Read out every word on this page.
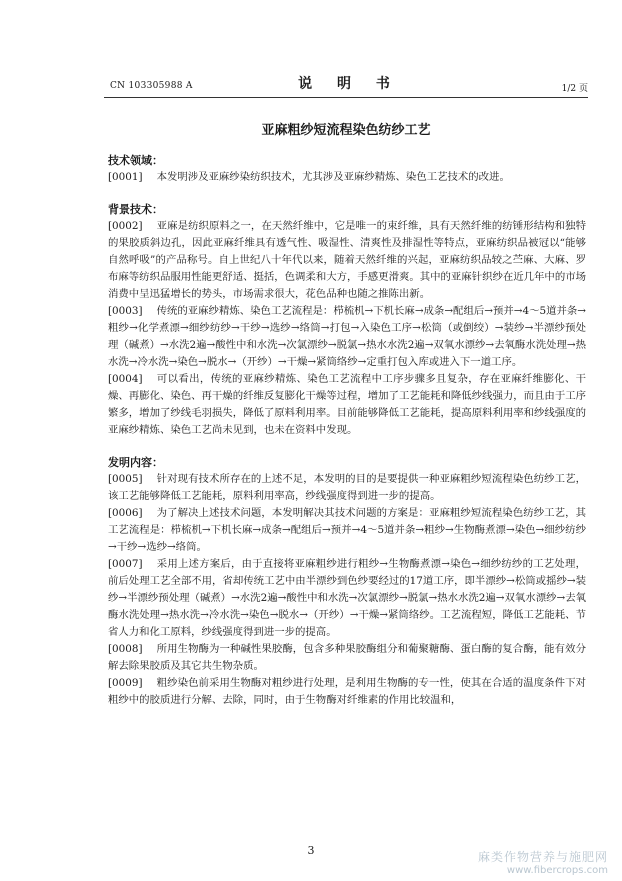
CN 103305988 A	说 明 书	1/2 页
亚麻粗纱短流程染色纺纱工艺
技术领域：
[0001] 本发明涉及亚麻纱染纺织技术，尤其涉及亚麻纱精炼、染色工艺技术的改进。
背景技术：
[0002] 亚麻是纺织原料之一，在天然纤维中，它是唯一的束纤维，具有天然纤维的纺锤形结构和独特的果胶质斜边孔，因此亚麻纤维具有透气性、吸湿性、清爽性及排湿性等特点，亚麻纺织品被冠以“能够自然呼吸”的产品称号。自上世纪八十年代以来，随着天然纤维的兴起，亚麻纺织品较之苎麻、大麻、罗布麻等纺织品服用性能更舒适、挺括，色调柔和大方，手感更滑爽。其中的亚麻针织纱在近几年中的市场消费中呈迅猛增长的势头，市场需求很大，花色品种也随之推陈出新。
[0003] 传统的亚麻纱精炼、染色工艺流程是：栉梳机→下机长麻→成条→配组后→预并→4～5道并条→粗纱→化学煮漂→细纱纺纱→干纱→选纱→络筒→打包→入染色工序→松筒（或倒绞）→装纱→半漂纱预处理（碱煮）→水洗2遍→酸性中和水洗→次氯漂纱→脱氯→热水水洗2遍→双氧水漂纱→去氧酶水洗处理→热水洗→冷水洗→染色→脱水→（开纱）→干燥→紧筒络纱→定重打包入库或进入下一道工序。
[0004] 可以看出，传统的亚麻纱精炼、染色工艺流程中工序步骤多且复杂，存在亚麻纤维膨化、干燥、再膨化、染色、再干燥的纤维反复膨化干燥等过程，增加了工艺能耗和降低纱线强力，而且由于工序繁多，增加了纱线毛羽损失，降低了原料利用率。目前能够降低工艺能耗，提高原料利用率和纱线强度的亚麻纱精炼、染色工艺尚未见到，也未在资料中发现。
发明内容：
[0005] 针对现有技术所存在的上述不足，本发明的目的是要提供一种亚麻粗纱短流程染色纺纱工艺，该工艺能够降低工艺能耗，原料利用率高，纱线强度得到进一步的提高。
[0006] 为了解决上述技术问题，本发明解决其技术问题的方案是：亚麻粗纱短流程染色纺纱工艺，其工艺流程是：栉梳机→下机长麻→成条→配组后→预并→4～5道并条→粗纱→生物酶煮漂→染色→细纱纺纱→干纱→选纱→络筒。
[0007] 采用上述方案后，由于直接将亚麻粗纱进行粗纱→生物酶煮漂→染色→细纱纺纱的工艺处理，前后处理工艺全部不用，省却传统工艺中由半漂纱到色纱要经过的17道工序，即半漂纱→松筒或摇纱→装纱→半漂纱预处理（碱煮）→水洗2遍→酸性中和水洗→次氯漂纱→脱氯→热水水洗2遍→双氧水漂纱→去氧酶水洗处理→热水洗→冷水洗→染色→脱水→（开纱）→干燥→紧筒络纱。工艺流程短，降低工艺能耗、节省人力和化工原料，纱线强度得到进一步的提高。
[0008] 所用生物酶为一种碱性果胶酶，包含多种果胶酶组分和葡聚糖酶、蛋白酶的复合酶，能有效分解去除果胶质及其它共生物杂质。
[0009] 粗纱染色前采用生物酶对粗纱进行处理，是利用生物酶的专一性，使其在合适的温度条件下对粗纱中的胶质进行分解、去除，同时，由于生物酶对纤维素的作用比较温和，
3	麻类作物营养与施肥网
www.fibercrops.com
